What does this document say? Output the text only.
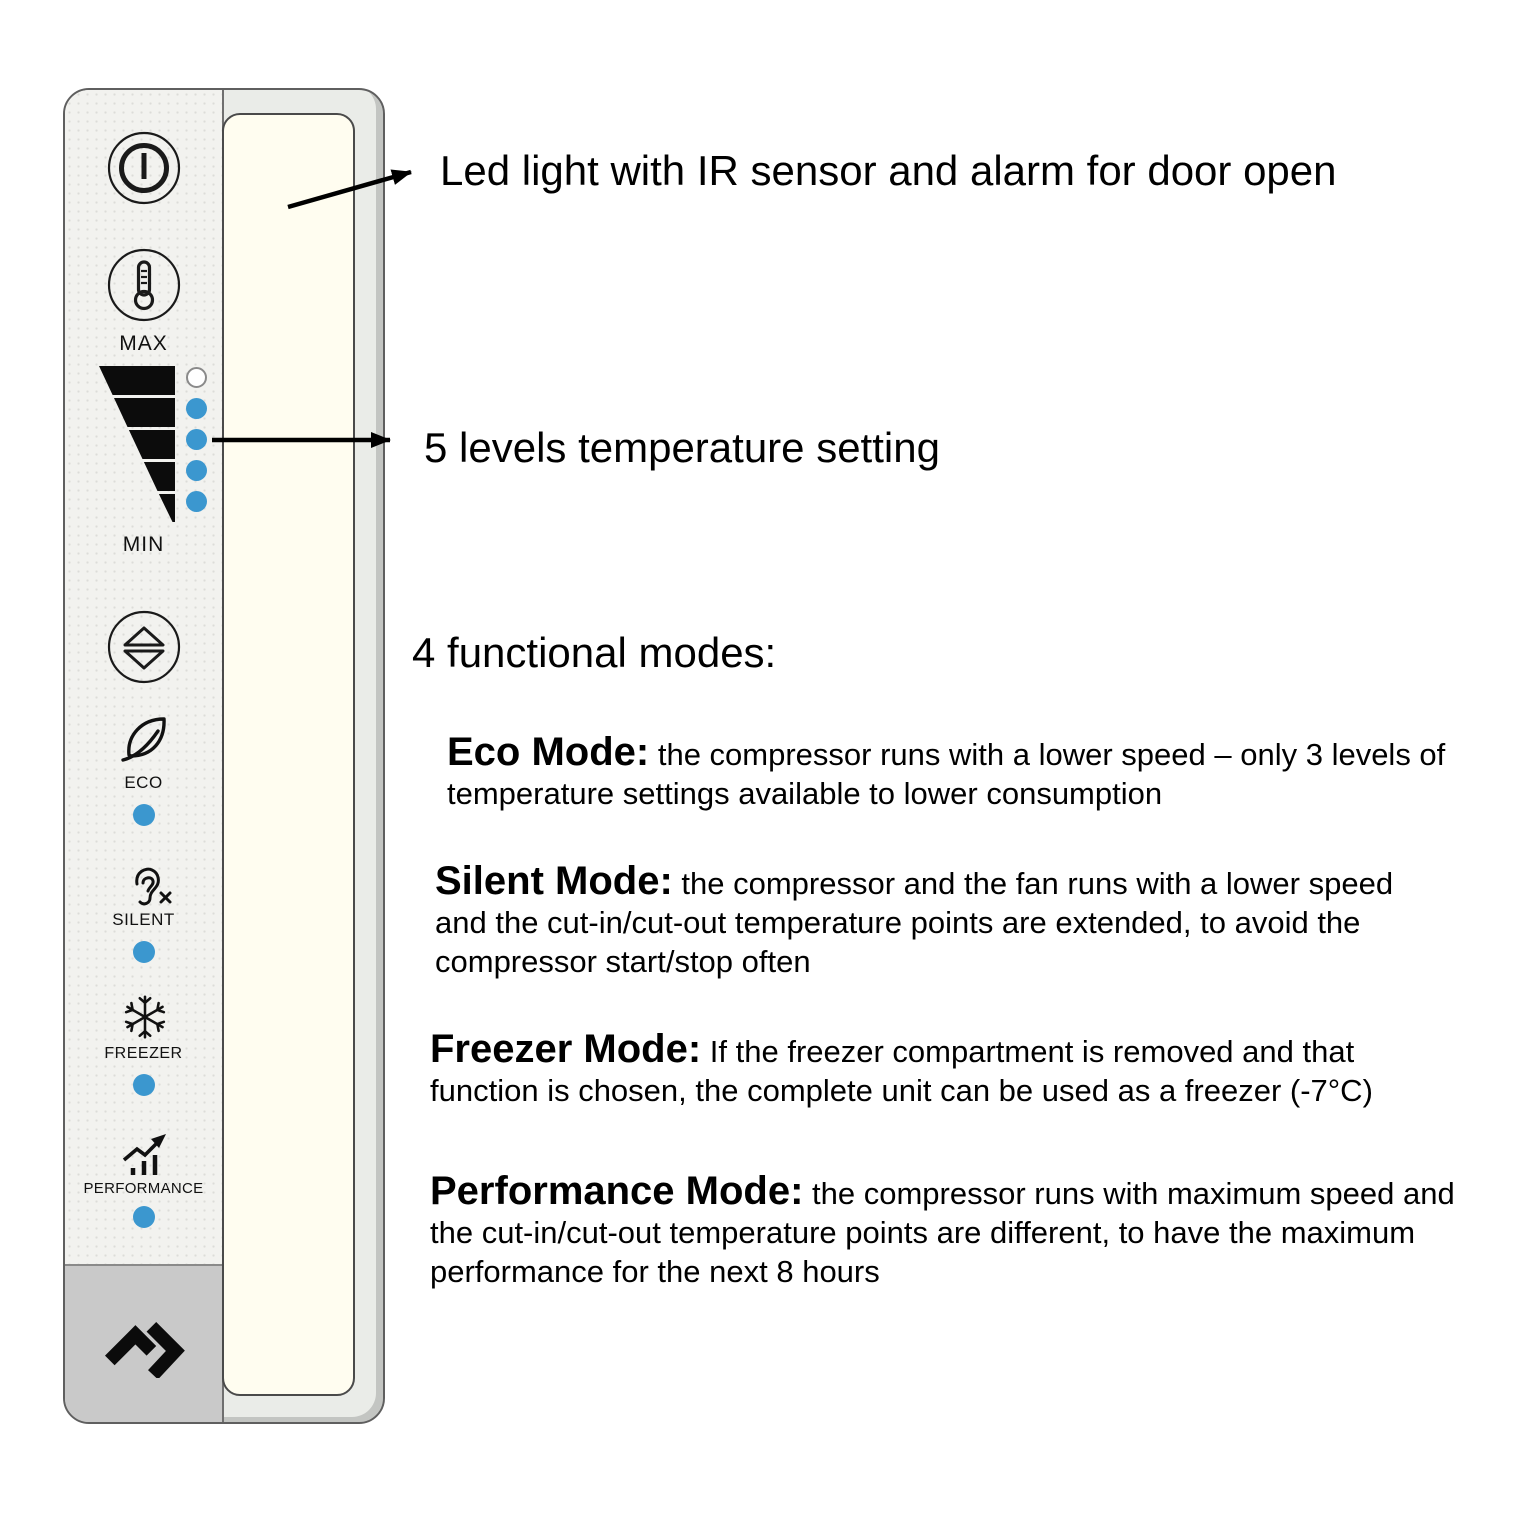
MAX
MIN
ECO
SILENT
FREEZER
PERFORMANCE
Led light with IR sensor and alarm for door open
5 levels temperature setting
4 functional modes:

Eco Mode: the compressor runs with a lower speed – only 3 levels of temperature settings available to lower consumption

Silent Mode: the compressor and the fan runs with a lower speed and the cut-in/cut-out temperature points are extended, to avoid the compressor start/stop often

Freezer Mode: If the freezer compartment is removed and that function is chosen, the complete unit can be used as a freezer (-7°C)

Performance Mode: the compressor runs with maximum speed and the cut-in/cut-out temperature points are different, to have the maximum performance for the next 8 hours
